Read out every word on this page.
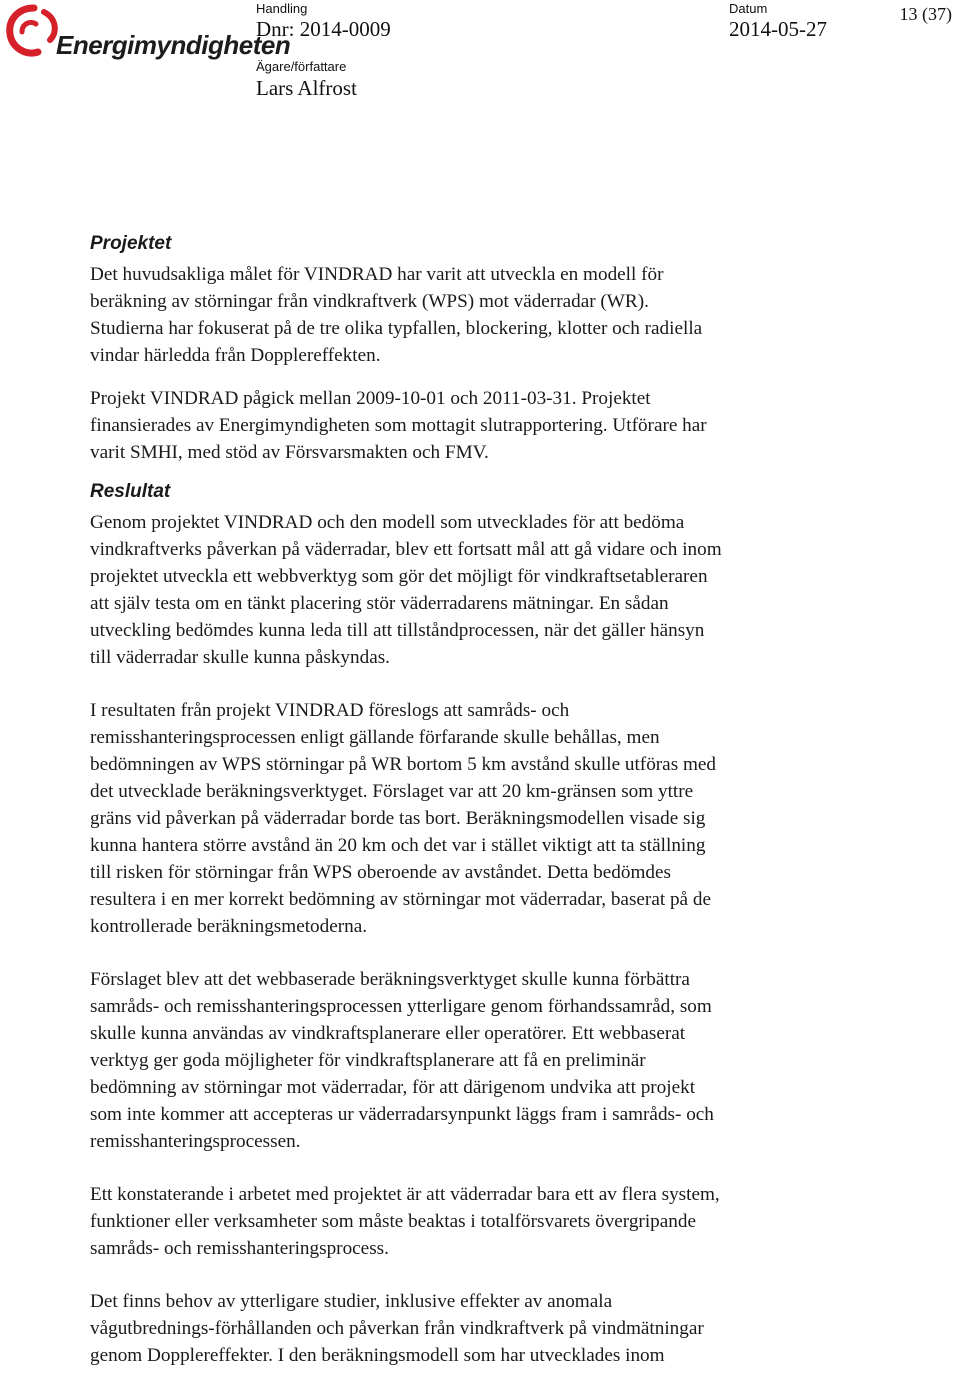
Energimyndigheten
Handling
Dnr: 2014-0009
Datum
2014-05-27
Ägare/författare
Lars Alfrost
13 (37)
Projektet

Det huvudsakliga målet för VINDRAD har varit att utveckla en modell för
beräkning av störningar från vindkraftverk (WPS) mot väderradar (WR).
Studierna har fokuserat på de tre olika typfallen, blockering, klotter och radiella
vindar härledda från Dopplereffekten.

Projekt VINDRAD pågick mellan 2009-10-01 och 2011-03-31. Projektet
finansierades av Energimyndigheten som mottagit slutrapportering. Utförare har
varit SMHI, med stöd av Försvarsmakten och FMV.

Reslultat

Genom projektet VINDRAD och den modell som utvecklades för att bedöma
vindkraftverks påverkan på väderradar, blev ett fortsatt mål att gå vidare och inom
projektet utveckla ett webbverktyg som gör det möjligt för vindkraftsetableraren
att själv testa om en tänkt placering stör väderradarens mätningar. En sådan
utveckling bedömdes kunna leda till att tillståndprocessen, när det gäller hänsyn
till väderradar skulle kunna påskyndas.

I resultaten från projekt VINDRAD föreslogs att samråds- och
remisshanteringsprocessen enligt gällande förfarande skulle behållas, men
bedömningen av WPS störningar på WR bortom 5 km avstånd skulle utföras med
det utvecklade beräkningsverktyget. Förslaget var att 20 km-gränsen som yttre
gräns vid påverkan på väderradar borde tas bort. Beräkningsmodellen visade sig
kunna hantera större avstånd än 20 km och det var i stället viktigt att ta ställning
till risken för störningar från WPS oberoende av avståndet. Detta bedömdes
resultera i en mer korrekt bedömning av störningar mot väderradar, baserat på de
kontrollerade beräkningsmetoderna.

Förslaget blev att det webbaserade beräkningsverktyget skulle kunna förbättra
samråds- och remisshanteringsprocessen ytterligare genom förhandssamråd, som
skulle kunna användas av vindkraftsplanerare eller operatörer. Ett webbaserat
verktyg ger goda möjligheter för vindkraftsplanerare att få en preliminär
bedömning av störningar mot väderradar, för att därigenom undvika att projekt
som inte kommer att accepteras ur väderradarsynpunkt läggs fram i samråds- och
remisshanteringsprocessen.

Ett konstaterande i arbetet med projektet är att väderradar bara ett av flera system,
funktioner eller verksamheter som måste beaktas i totalförsvarets övergripande
samråds- och remisshanteringsprocess.

Det finns behov av ytterligare studier, inklusive effekter av anomala
vågutbrednings-förhållanden och påverkan från vindkraftverk på vindmätningar
genom Dopplereffekter. I den beräkningsmodell som har utvecklades inom
